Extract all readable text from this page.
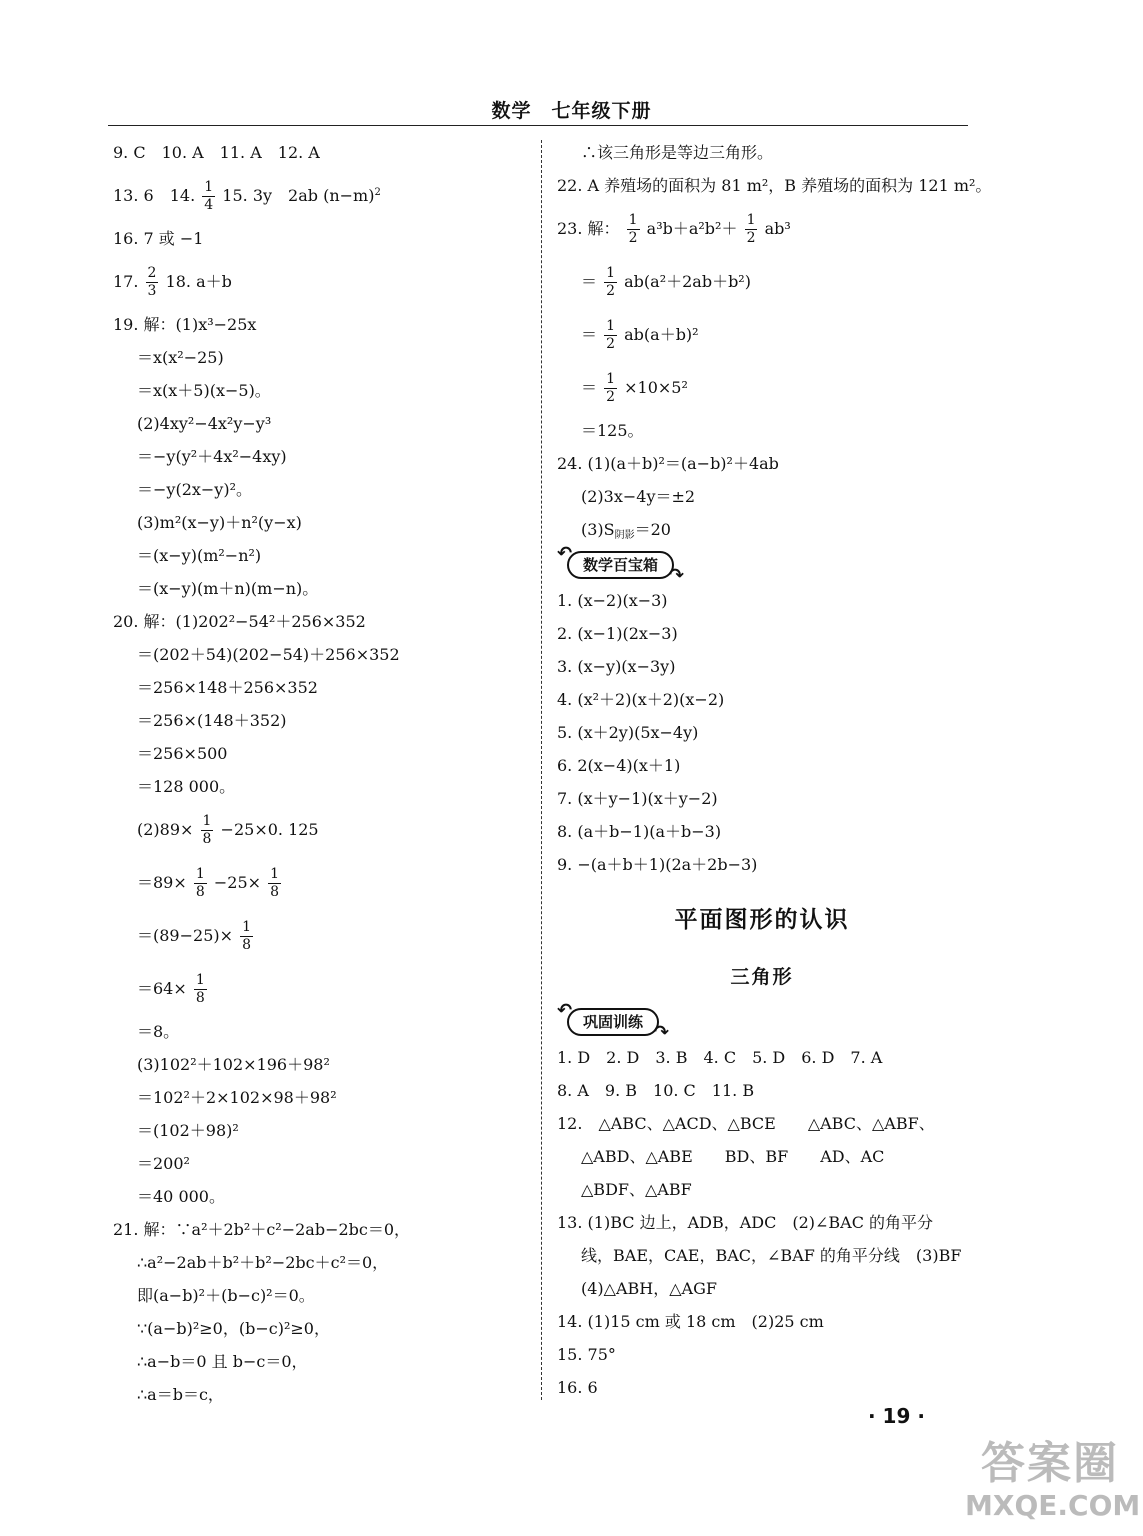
数学　七年级下册
9. C　10. A　11. A　12. A
13. 6　14. $\frac{1}{4} 15$. 3y　2ab $(n-m)^2$
16. 7 或 −1
17. $\frac{2}{3} 18$. a＋b
19. 解：(1)x³−25x
＝x(x²−25)
＝x(x＋5)(x−5)。
(2)4xy²−4x²y−y³
＝−y(y²＋4x²−4xy)
＝−y(2x−y)²。
(3)m²(x−y)＋n²(y−x)
＝(x−y)(m²−n²)
＝(x−y)(m＋n)(m−n)。
20. 解：(1)202²−54²＋256×352
＝(202＋54)(202−54)＋256×352
＝256×148＋256×352
＝256×(148＋352)
＝256×500
＝128 000。
$(2)89\times \frac{1}{8} -25\times 0$. 125
$=89\times \frac{1}{8} -25\times \frac{1}{8}$
$=(89-25)\times \frac{1}{8}$
$=64\times \frac{1}{8}$
＝8。
(3)102²＋102×196＋98²
＝102²＋2×102×98＋98²
＝(102＋98)²
＝200²
＝40 000。
21. 解：∵a²＋2b²＋c²−2ab−2bc＝0，
∴a²−2ab＋b²＋b²−2bc＋c²＝0，
即(a−b)²＋(b−c)²＝0。
∵(a−b)²≥0，(b−c)²≥0，
∴a−b＝0 且 b−c＝0，
∴a＝b＝c，
∴该三角形是等边三角形。
22. A 养殖场的面积为 81 m²，B 养殖场的面积为 121 m²。
23. 解： $\frac{1}{2} a^3b+a^2b^2+ \frac{1}{2} ab^3$
＝ $\frac{1}{2} ab(a^2+2ab+b^2)$
＝ $\frac{1}{2} ab(a+b)^2$
＝ $\frac{1}{2} \times 10\times 5^2$
＝125。
24. (1)(a＋b)²＝(a−b)²＋4ab
(2)3x−4y＝±2
$(3)S_{阴影}=20$
↶ 数学百宝箱 ↷
1. (x−2)(x−3)
2. (x−1)(2x−3)
3. (x−y)(x−3y)
4. (x²＋2)(x＋2)(x−2)
5. (x＋2y)(5x−4y)
6. 2(x−4)(x＋1)
7. (x＋y−1)(x＋y−2)
8. (a＋b−1)(a＋b−3)
9. −(a＋b＋1)(2a＋2b−3)
平面图形的认识
三角形
↶ 巩固训练 ↷
1. D　2. D　3. B　4. C　5. D　6. D　7. A
8. A　9. B　10. C　11. B
12.　△ABC、△ACD、△BCE　　△ABC、△ABF、
△ABD、△ABE　　BD、BF　　AD、AC
△BDF、△ABF
13. (1)BC 边上，ADB，ADC　(2)∠BAC 的角平分
线，BAE，CAE，BAC，∠BAF 的角平分线　(3)BF
(4)△ABH，△AGF
14. (1)15 cm 或 18 cm　(2)25 cm
15. 75°
16. 6
· 19 ·
答案圈
MXQE.COM
